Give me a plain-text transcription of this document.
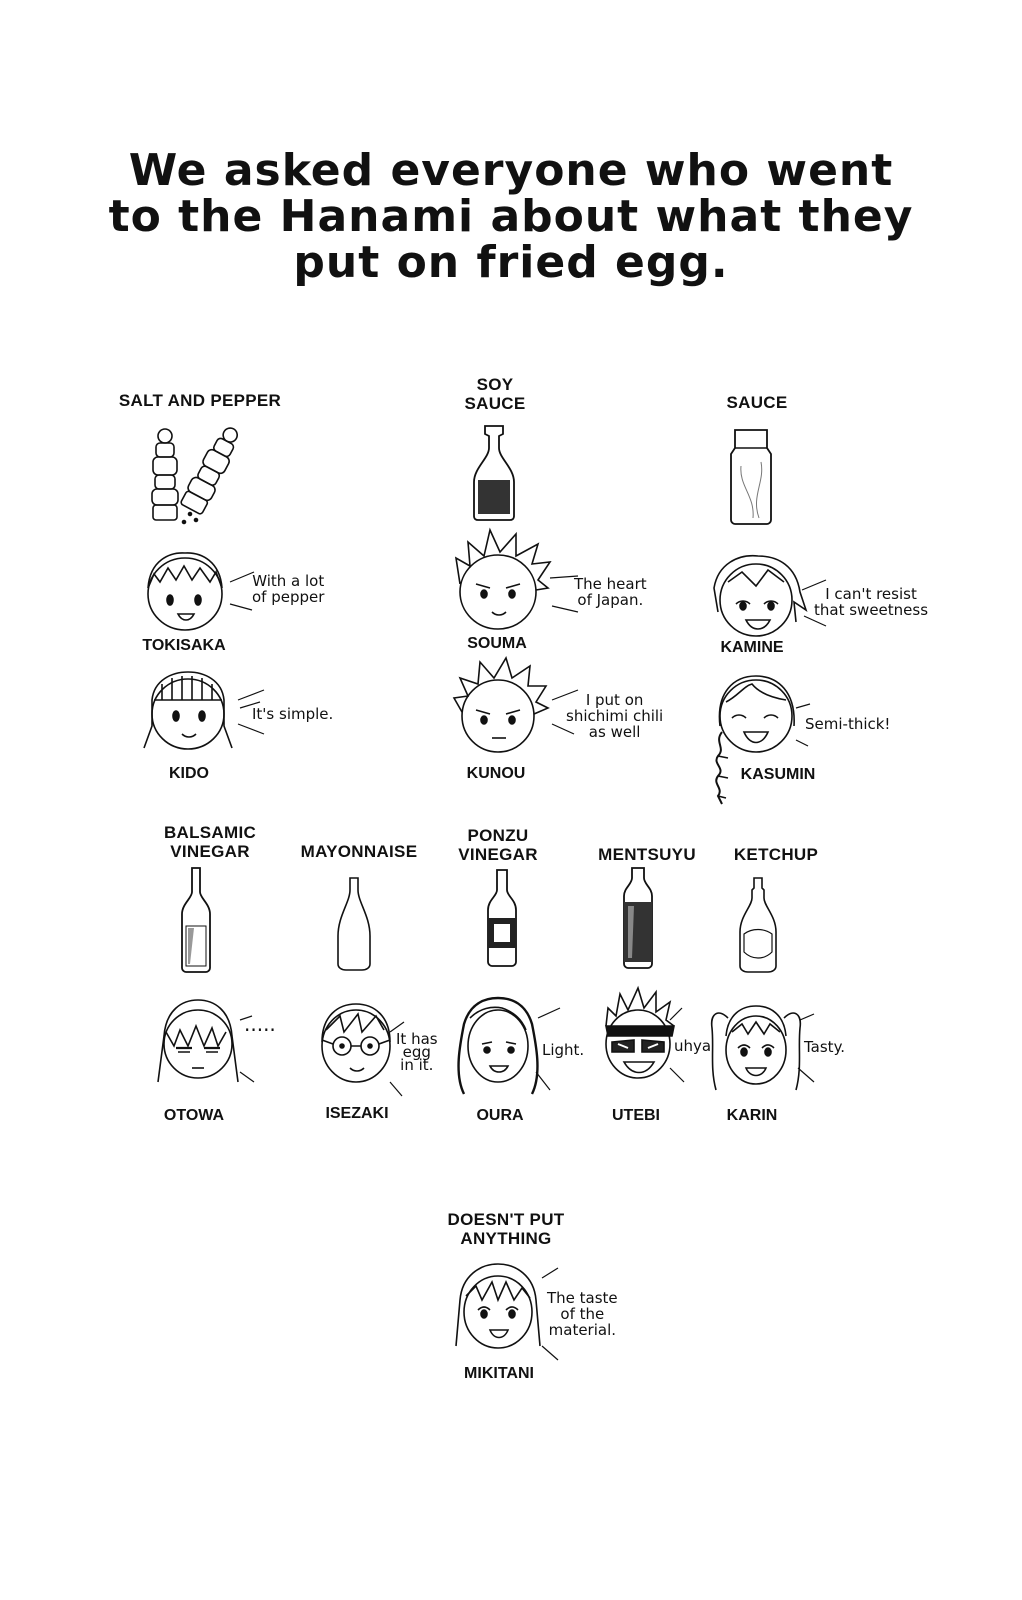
We asked everyone who went
to the Hanami about what they
put on fried egg.
SALT AND PEPPER
SOY
SAUCE	SAUCE
TOKISAKA
With a lot
of pepper
SOUMA
The heart
of Japan.
KAMINE
I can't resist
that sweetness
KIDO
It's simple.
KUNOU
I put on
shichimi chili
as well
KASUMIN
Semi-thick!
BALSAMIC
VINEGAR	MAYONNAISE
PONZU
VINEGAR	MENTSUYU KETCHUP
OTOWA
.....
ISEZAKI
It has
egg
in it.
OURA
Light.
UTEBI
uhya
KARIN
Tasty.
DOESN'T PUT
ANYTHING
MIKITANI
The taste
of the
material.
